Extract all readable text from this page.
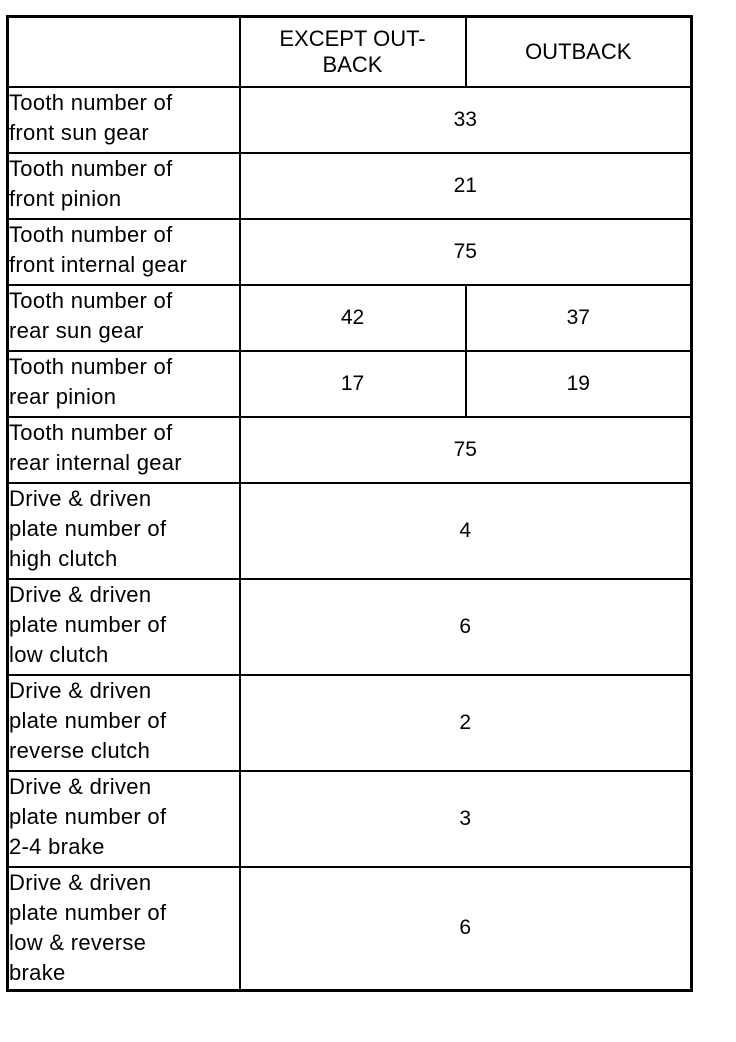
	EXCEPT OUT-
BACK	OUTBACK
Tooth number of
front sun gear	33	
Tooth number of
front pinion	21	
Tooth number of
front internal gear	75	
Tooth number of
rear sun gear	42	37
Tooth number of
rear pinion	17	19
Tooth number of
rear internal gear	75	
Drive & driven
plate number of
high clutch	4	
Drive & driven
plate number of
low clutch	6	
Drive & driven
plate number of
reverse clutch	2	
Drive & driven
plate number of
2-4 brake	3	
Drive & driven
plate number of
low & reverse
brake	6	
